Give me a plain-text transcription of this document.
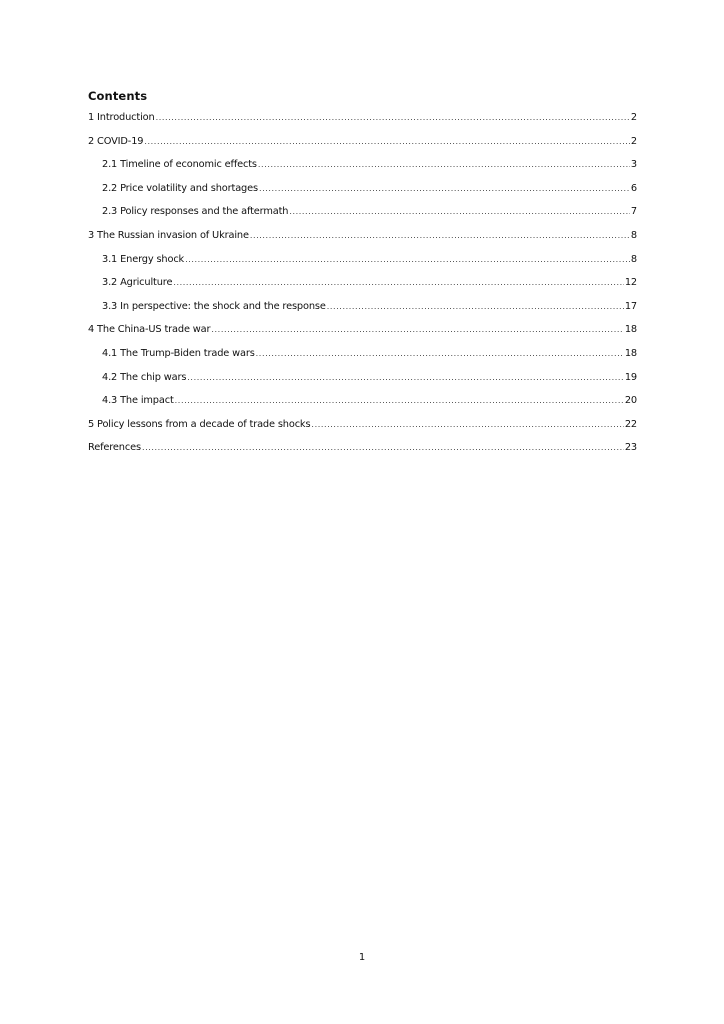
Contents
1 Introduction .....	2
2 COVID-19 .....	2
2.1 Timeline of economic effects .....	3
2.2 Price volatility and shortages .....	6
2.3 Policy responses and the aftermath .....	7
3 The Russian invasion of Ukraine .....	8
3.1 Energy shock .....	8
3.2 Agriculture .....	12
3.3 In perspective: the shock and the response .....	17
4 The China-US trade war .....	18
4.1 The Trump-Biden trade wars .....	18
4.2 The chip wars .....	19
4.3 The impact .....	20
5 Policy lessons from a decade of trade shocks .....	22
References .....	23
1
